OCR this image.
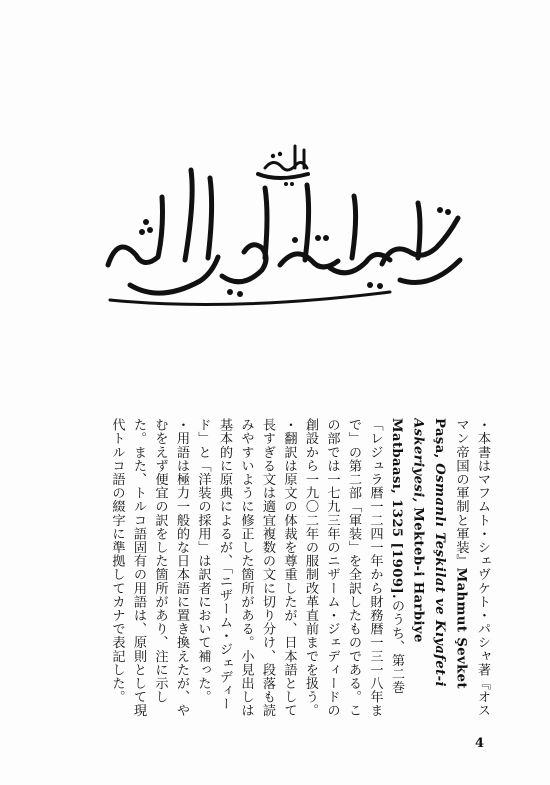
・本書はマフムト・シェヴケト・パシャ著『オスマン帝国の軍制と軍装』Mahmut Şevket Paşa, Osmanlı Teşkilat ve Kıyafet-i Askeriyesi, Mekteb-i Harbiye Matbaası, 1325 [1909].のうち、第二巻「レジュラ暦一二四一年から財務暦一三一八年まで」の第二部「軍装」を全訳したものである。この部では一七九三年のニザーム・ジェディードの創設から一九〇二年の服制改革直前までを扱う。

・翻訳は原文の体裁を尊重したが、日本語として長すぎる文は適宜複数の文に切り分け、段落も読みやすいように修正した箇所がある。小見出しは基本的に原典によるが、「ニザーム・ジェディード」と「洋装の採用」は訳者において補った。

・用語は極力一般的な日本語に置き換えたが、やむをえず便宜の訳をした箇所があり、注に示した。また、トルコ語固有の用語は、原則として現代トルコ語の綴字に準拠してカナで表記した。

4
